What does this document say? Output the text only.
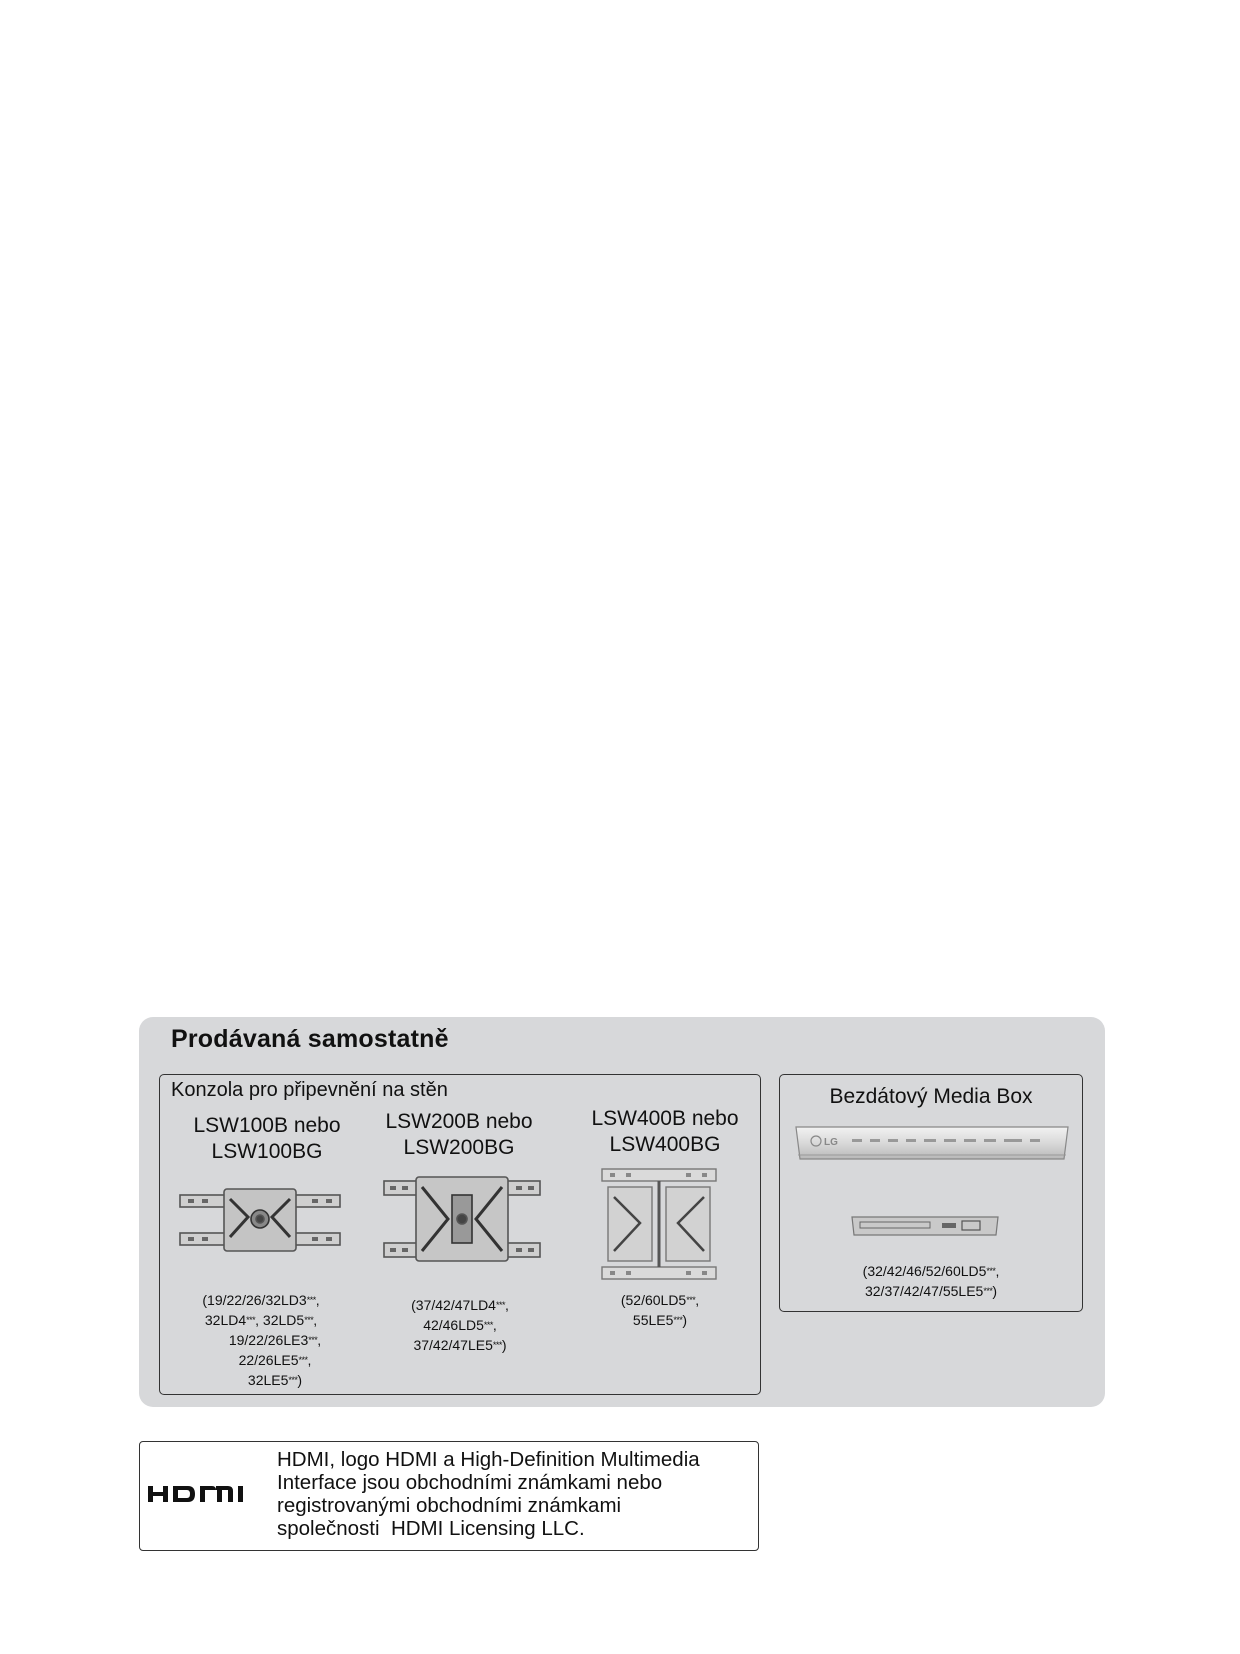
Prodávaná samostatně
Konzola pro připevnění na stěn
LSW100B nebo
LSW100BG
(19/22/26/32LD3***,
32LD4***, 32LD5***,
19/22/26LE3***,
22/26LE5***,
32LE5***)
LSW200B nebo
LSW200BG
(37/42/47LD4***,
42/46LD5***,
37/42/47LE5***)
LSW400B nebo
LSW400BG
(52/60LD5***,
55LE5***)
Bezdátový Media Box
LG
(32/42/46/52/60LD5***,
32/37/42/47/55LE5***)
HDMI, logo HDMI a High-Definition Multimedia
Interface jsou obchodními známkami nebo
registrovanými obchodními známkami
společnosti  HDMI Licensing LLC.
